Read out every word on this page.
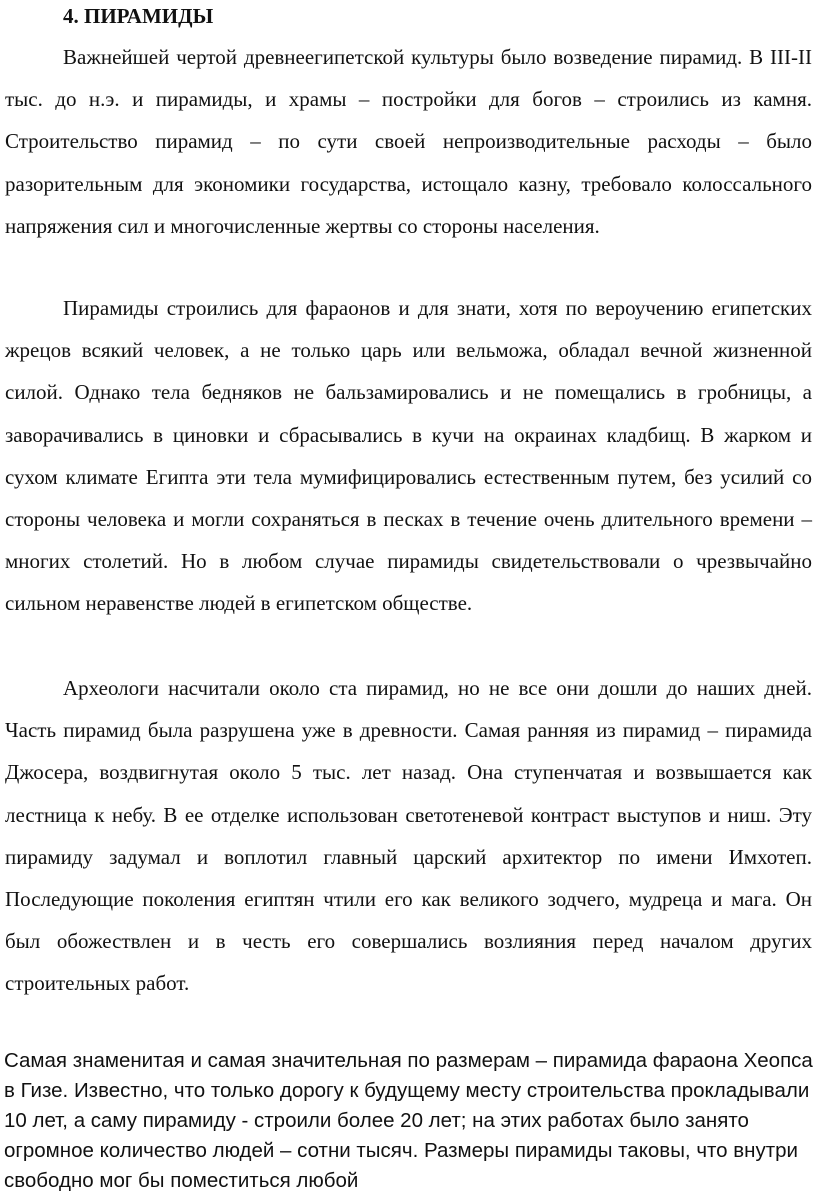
4. ПИРАМИДЫ

Важнейшей чертой древнеегипетской культуры было возведение пирамид. В III-II тыс. до н.э. и пирамиды, и храмы – постройки для богов – строились из камня. Строительство пирамид – по сути своей непроизводительные расходы – было разорительным для экономики государства, истощало казну, требовало колоссального напряжения сил и многочисленные жертвы со стороны населения.

Пирамиды строились для фараонов и для знати, хотя по вероучению египетских жрецов всякий человек, а не только царь или вельможа, обладал вечной жизненной силой. Однако тела бедняков не бальзамировались и не помещались в гробницы, а заворачивались в циновки и сбрасывались в кучи на окраинах кладбищ. В жарком и сухом климате Египта эти тела мумифицировались естественным путем, без усилий со стороны человека и могли сохраняться в песках в течение очень длительного времени – многих столетий. Но в любом случае пирамиды свидетельствовали о чрезвычайно сильном неравенстве людей в египетском обществе.

Археологи насчитали около ста пирамид, но не все они дошли до наших дней. Часть пирамид была разрушена уже в древности. Самая ранняя из пирамид – пирамида Джосера, воздвигнутая около 5 тыс. лет назад. Она ступенчатая и возвышается как лестница к небу. В ее отделке использован светотеневой контраст выступов и ниш. Эту пирамиду задумал и воплотил главный царский архитектор по имени Имхотеп. Последующие поколения египтян чтили его как великого зодчего, мудреца и мага. Он был обожествлен и в честь его совершались возлияния перед началом других строительных работ.

Самая знаменитая и самая значительная по размерам – пирамида фараона Хеопса в Гизе. Известно, что только дорогу к будущему месту строительства прокладывали 10 лет, а саму пирамиду - строили более 20 лет; на этих работах было занято огромное количество людей – сотни тысяч. Размеры пирамиды таковы, что внутри свободно мог бы поместиться любой
